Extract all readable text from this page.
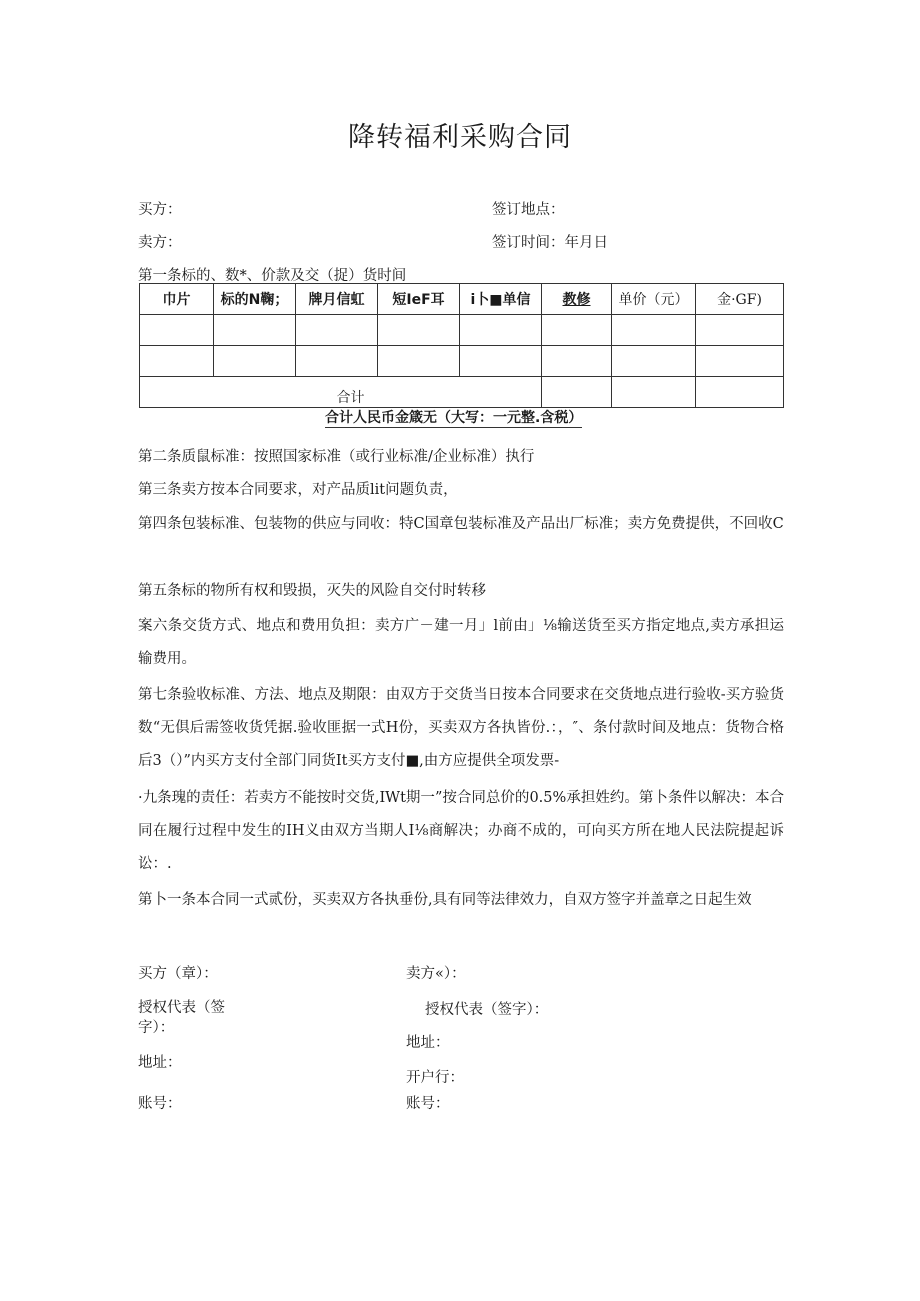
降转福利采购合同
买方：	签订地点：
卖方：	签订时间：年月日
第一条标的、数*、价款及交（捉）货时间
巾片	标的N鞠；	牌月信虹	短IeF耳	i卜■单信	教修	单价（元）	金·GF)

合计							
合计人民币金箴无（大写：一元整.含税）
第二条质鼠标准：按照国家标准（或行业标准/企业标准）执行
第三条卖方按本合同要求，对产品质lit问题负责，
第四条包装标准、包装物的供应与同收：特C国章包装标准及产品出厂标准；卖方免费提供，不回收C
第五条标的物所有权和毁损，灭失的风险自交付时转移
案六条交货方式、地点和费用负担：卖方广－建一月」l前由」⅛输送货至买方指定地点,卖方承担运输费用。
第七条验收标准、方法、地点及期限：由双方于交货当日按本合同要求在交货地点进行验收-买方验货数“无倶后需签收货凭据.验收匪据一式H份，买卖双方各执皆份.：，″、条付款时间及地点：货物合格后3（）”内买方支付全部门同货It买方支付■,由方应提供全项发票-
·九条瑰的责任：若卖方不能按时交货,IWt期一”按合同总价的0.5%承担姓约。第卜条件以解决：本合同在履行过程中发生的IH义由双方当期人I⅛商解决；办商不成的，可向买方所在地人民法院提起诉讼：.
第卜一条本合同一式贰份，买卖双方各执垂份,具有同等法律效力，自双方签字并盖章之日起生效
买方（章）：	卖方«）：
授权代表（签字）：
授权代表（签字）：
地址：
地址：
开户行：
账号：	账号：
